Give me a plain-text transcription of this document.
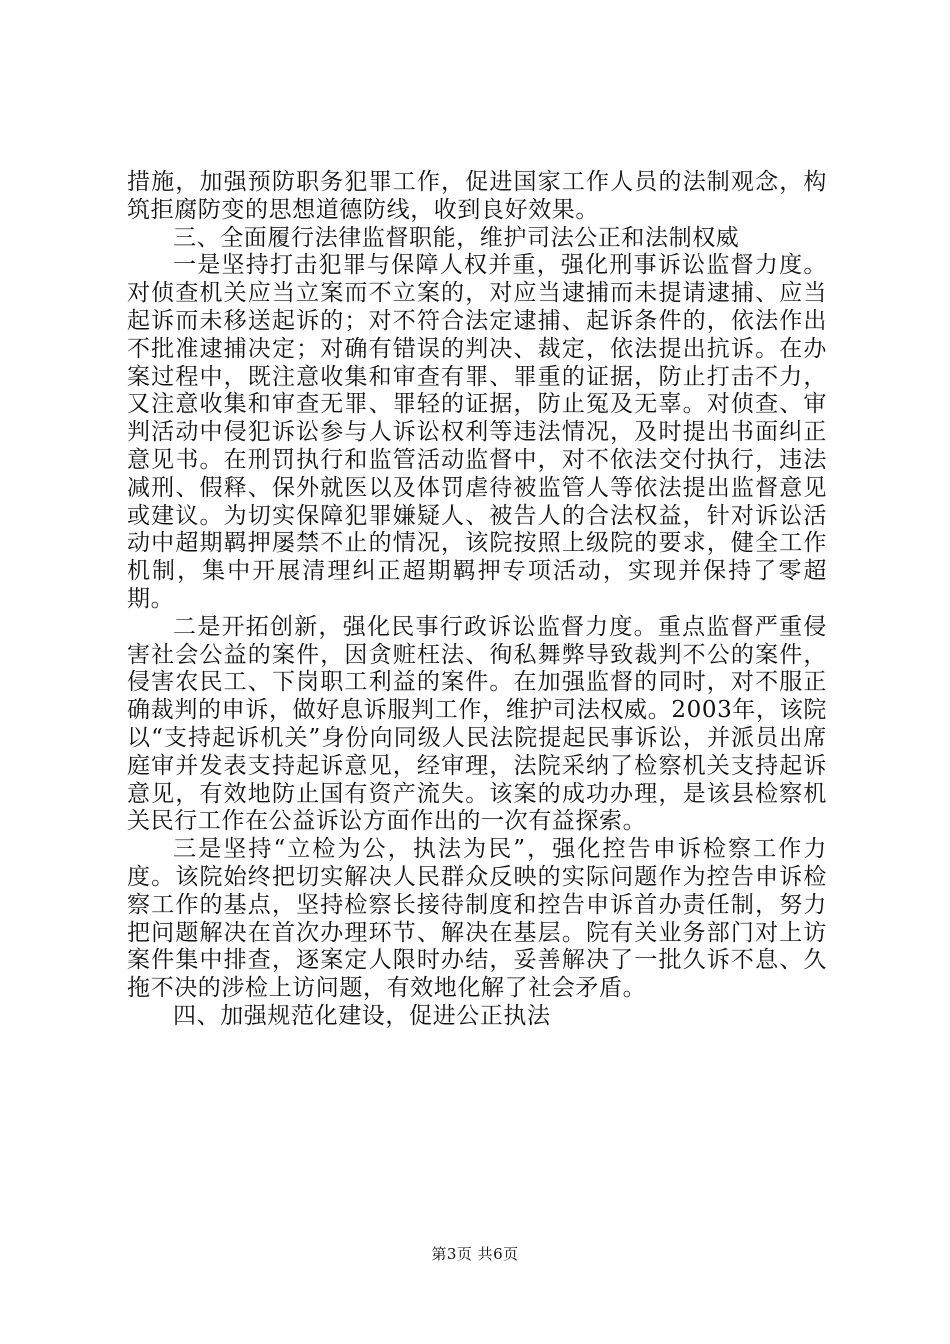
措施，加强预防职务犯罪工作，促进国家工作人员的法制观念，构筑拒腐防变的思想道德防线，收到良好效果。

三、全面履行法律监督职能，维护司法公正和法制权威

一是坚持打击犯罪与保障人权并重，强化刑事诉讼监督力度。对侦查机关应当立案而不立案的，对应当逮捕而未提请逮捕、应当起诉而未移送起诉的；对不符合法定逮捕、起诉条件的，依法作出不批准逮捕决定；对确有错误的判决、裁定，依法提出抗诉。在办案过程中，既注意收集和审查有罪、罪重的证据，防止打击不力，又注意收集和审查无罪、罪轻的证据，防止冤及无辜。对侦查、审判活动中侵犯诉讼参与人诉讼权利等违法情况，及时提出书面纠正意见书。在刑罚执行和监管活动监督中，对不依法交付执行，违法减刑、假释、保外就医以及体罚虐待被监管人等依法提出监督意见或建议。为切实保障犯罪嫌疑人、被告人的合法权益，针对诉讼活动中超期羁押屡禁不止的情况，该院按照上级院的要求，健全工作机制，集中开展清理纠正超期羁押专项活动，实现并保持了零超期。

二是开拓创新，强化民事行政诉讼监督力度。重点监督严重侵害社会公益的案件，因贪赃枉法、徇私舞弊导致裁判不公的案件，侵害农民工、下岗职工利益的案件。在加强监督的同时，对不服正确裁判的申诉，做好息诉服判工作，维护司法权威。2003年，该院以“支持起诉机关”身份向同级人民法院提起民事诉讼，并派员出席庭审并发表支持起诉意见，经审理，法院采纳了检察机关支持起诉意见，有效地防止国有资产流失。该案的成功办理，是该县检察机关民行工作在公益诉讼方面作出的一次有益探索。

三是坚持“立检为公，执法为民”，强化控告申诉检察工作力度。该院始终把切实解决人民群众反映的实际问题作为控告申诉检察工作的基点，坚持检察长接待制度和控告申诉首办责任制，努力把问题解决在首次办理环节、解决在基层。院有关业务部门对上访案件集中排查，逐案定人限时办结，妥善解决了一批久诉不息、久拖不决的涉检上访问题，有效地化解了社会矛盾。

四、加强规范化建设，促进公正执法

第3页 共6页
